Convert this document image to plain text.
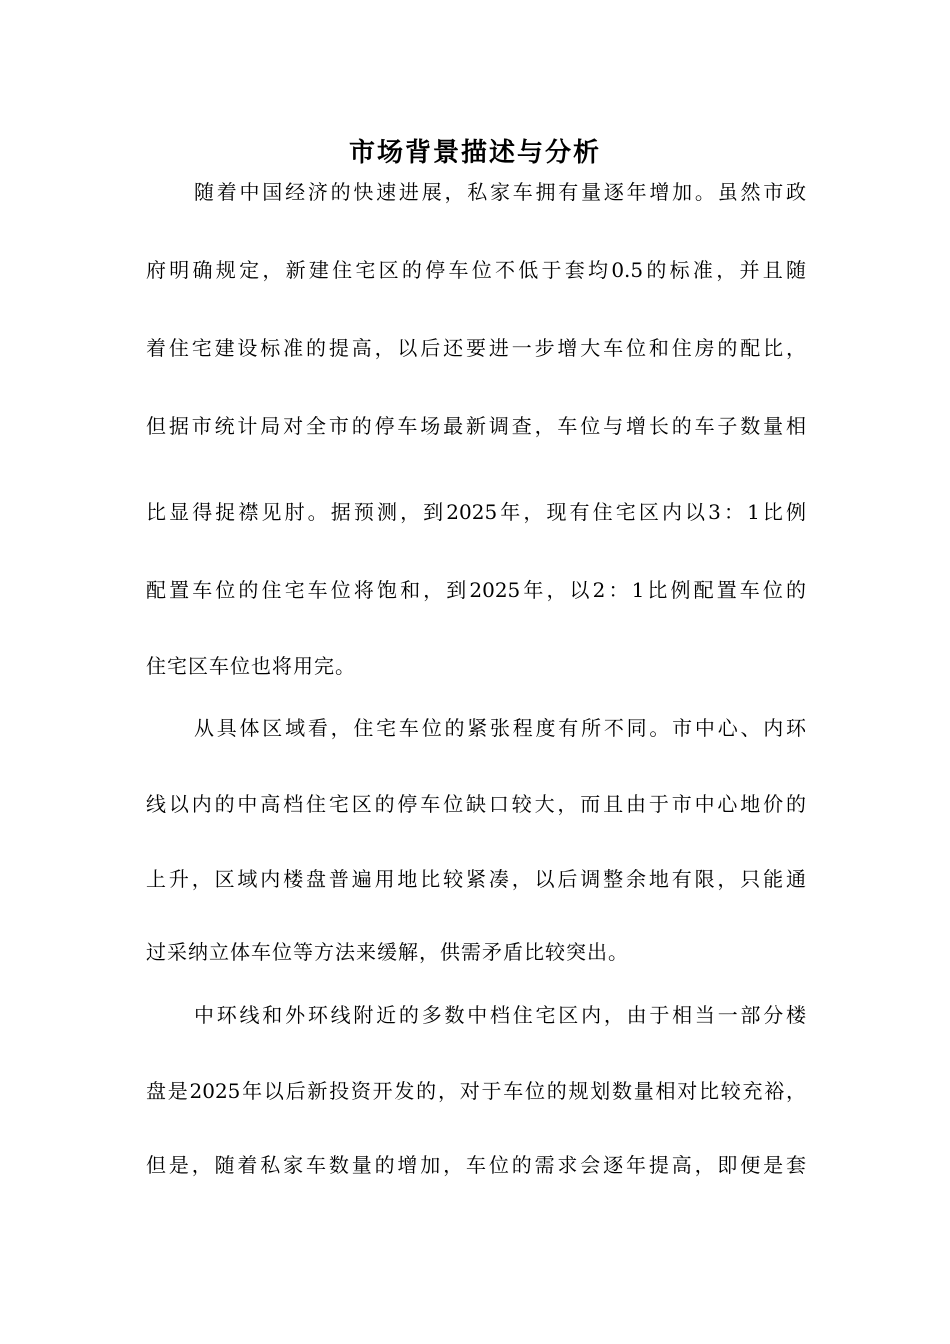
市场背景描述与分析

随着中国经济的快速进展，私家车拥有量逐年增加。虽然市政

府明确规定，新建住宅区的停车位不低于套均0.5的标准，并且随

着住宅建设标准的提高，以后还要进一步增大车位和住房的配比，

但据市统计局对全市的停车场最新调查，车位与增长的车子数量相

比显得捉襟见肘。据预测，到2025年，现有住宅区内以3：1比例

配置车位的住宅车位将饱和，到2025年，以2：1比例配置车位的

住宅区车位也将用完。

从具体区域看，住宅车位的紧张程度有所不同。市中心、内环

线以内的中高档住宅区的停车位缺口较大，而且由于市中心地价的

上升，区域内楼盘普遍用地比较紧凑，以后调整余地有限，只能通

过采纳立体车位等方法来缓解，供需矛盾比较突出。

中环线和外环线附近的多数中档住宅区内，由于相当一部分楼

盘是2025年以后新投资开发的，对于车位的规划数量相对比较充裕，

但是，随着私家车数量的增加，车位的需求会逐年提高，即便是套
